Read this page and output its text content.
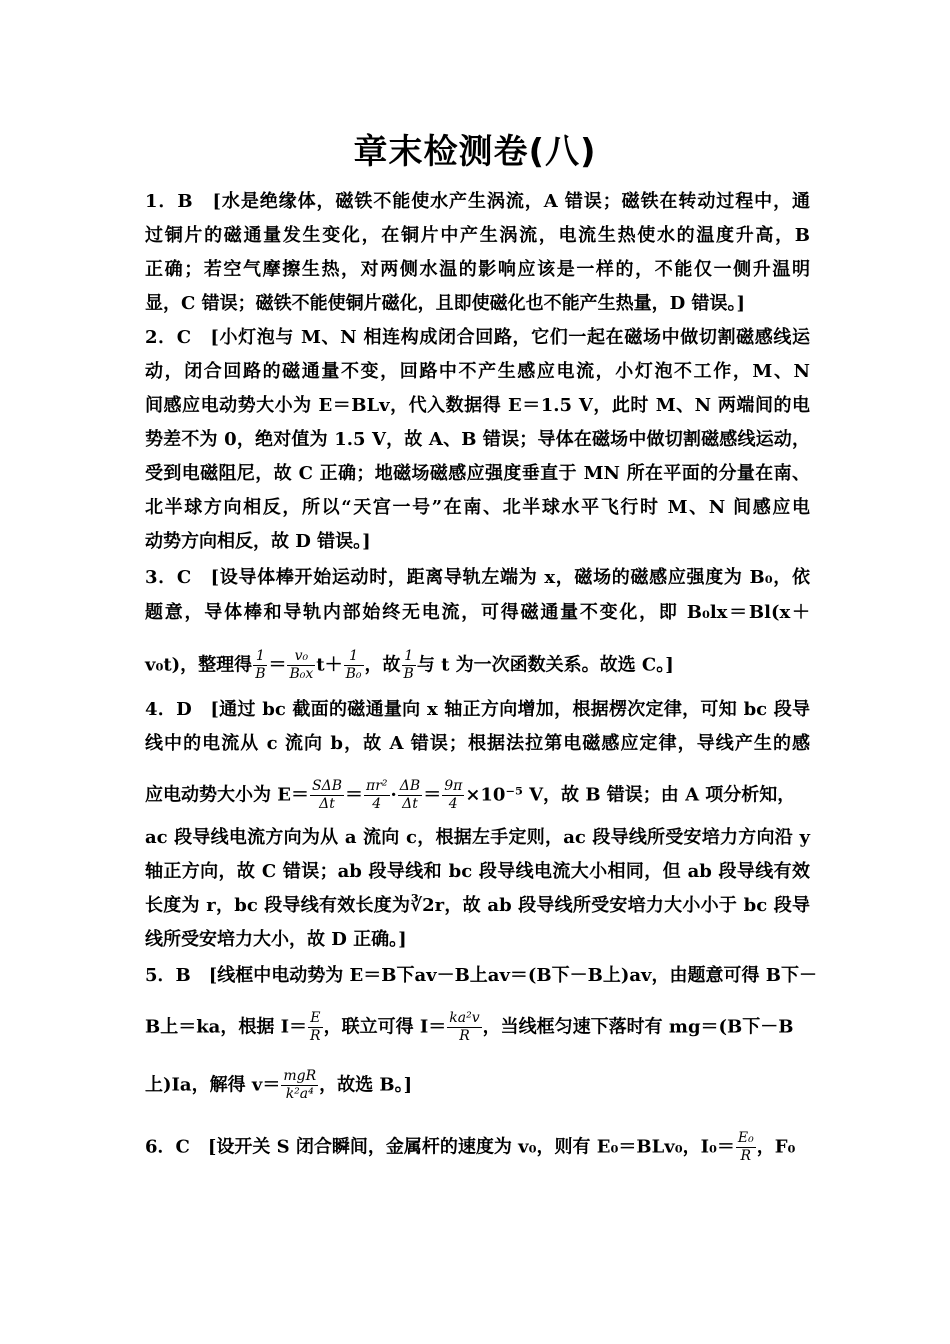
章末检测卷(八)
1．B　[水是绝缘体，磁铁不能使水产生涡流，A 错误；磁铁在转动过程中，通
过铜片的磁通量发生变化，在铜片中产生涡流，电流生热使水的温度升高，B
正确；若空气摩擦生热，对两侧水温的影响应该是一样的，不能仅一侧升温明
显，C 错误；磁铁不能使铜片磁化，且即使磁化也不能产生热量，D 错误。]
2．C　[小灯泡与 M、N 相连构成闭合回路，它们一起在磁场中做切割磁感线运
动，闭合回路的磁通量不变，回路中不产生感应电流，小灯泡不工作，M、N
间感应电动势大小为 E＝BLv，代入数据得 E＝1.5 V，此时 M、N 两端间的电
势差不为 0，绝对值为 1.5 V，故 A、B 错误；导体在磁场中做切割磁感线运动，
受到电磁阻尼，故 C 正确；地磁场磁感应强度垂直于 MN 所在平面的分量在南、
北半球方向相反，所以“天宫一号”在南、北半球水平飞行时 M、N 间感应电
动势方向相反，故 D 错误。]
3．C　[设导体棒开始运动时，距离导轨左端为 x，磁场的磁感应强度为 B₀，依
题意，导体棒和导轨内部始终无电流，可得磁通量不变化，即 B₀lx＝Bl(x＋
v₀t)，整理得 $\frac{1}{B} = \frac{\text{v₀}}{\text{B₀x}} t+ \frac{1}{\text{B₀}}$ ，故 $\frac{1}{B}$ 与 t 为一次函数关系。故选 C。]
4．D　[通过 bc 截面的磁通量向 x 轴正方向增加，根据楞次定律，可知 bc 段导
线中的电流从 c 流向 b，故 A 错误；根据法拉第电磁感应定律，导线产生的感
应电动势大小为 $E= \frac{\text{SΔB}}{\Delta t} = \frac{\text{πr²}}{4} \cdot \frac{\Delta B}{\Delta t} = \frac{9\pi}{4} \times 10^{-5}$ V，故 B 错误；由 A 项分析知，
ac 段导线电流方向为从 a 流向 c，根据左手定则，ac 段导线所受安培力方向沿 y
轴正方向，故 C 错误；ab 段导线和 bc 段导线电流大小相同，但 ab 段导线有效
长度为 r，bc 段导线有效长度为∛2r，故 ab 段导线所受安培力大小小于 bc 段导
线所受安培力大小，故 D 正确。]
5．B　[线框中电动势为 E＝B下av－B上av＝(B下－B上)av，由题意可得 B下－
B上＝ka，根据 $I= \frac{E}{R}$ ，联立可得 $I= \frac{\text{ka²v}}{R}$ ，当线框匀速下落时有 mg＝(B下－B
上)Ia，解得 $v= \frac{\text{mgR}}{\text{k²a⁴}}$ ，故选 B。]
6．C　[设开关 S 闭合瞬间，金属杆的速度为 v₀，则有 E₀＝BLv₀，$I_0= \frac{\text{E₀}}{R}$ ，F₀
